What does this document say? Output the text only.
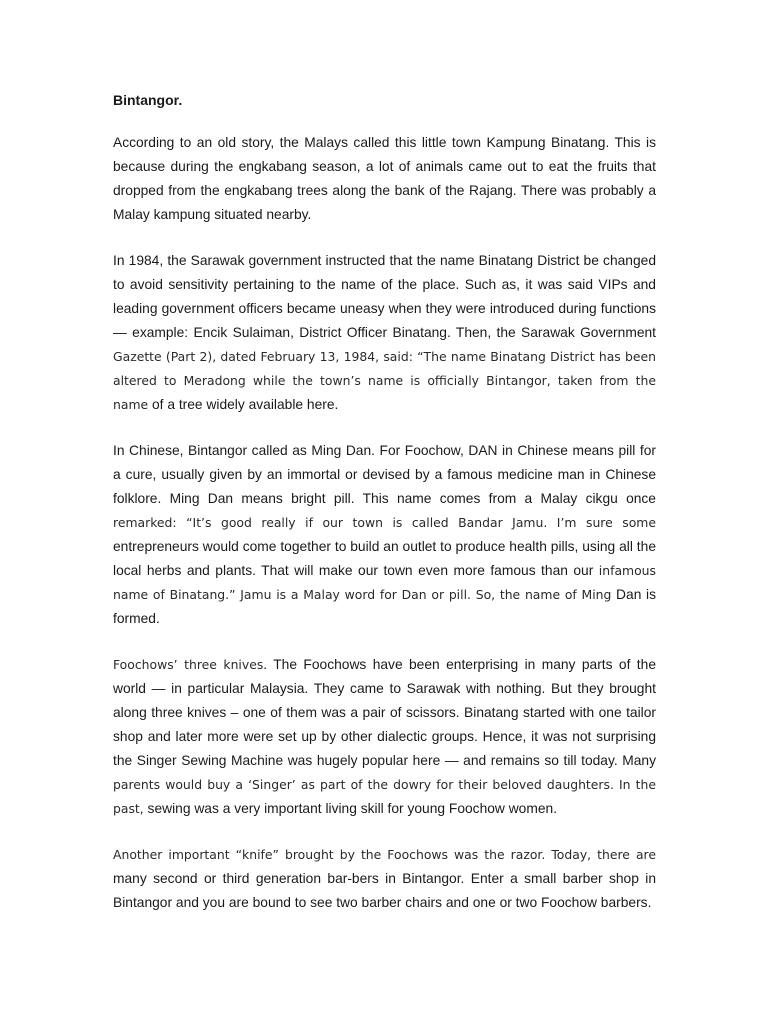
Bintangor.

According to an old story, the Malays called this little town Kampung Binatang. This is because during the engkabang season, a lot of animals came out to eat the fruits that dropped from the engkabang trees along the bank of the Rajang. There was probably a Malay kampung situated nearby.

In 1984, the Sarawak government instructed that the name Binatang District be changed to avoid sensitivity pertaining to the name of the place. Such as, it was said VIPs and leading government officers became uneasy when they were introduced during functions — example: Encik Sulaiman, District Officer Binatang. Then, the Sarawak Government Gazette (Part 2), dated February 13, 1984, said: “The name Binatang District has been altered to Meradong while the town’s name is officially Bintangor, taken from the name of a tree widely available here.

In Chinese, Bintangor called as Ming Dan. For Foochow, DAN in Chinese means pill for a cure, usually given by an immortal or devised by a famous medicine man in Chinese folklore. Ming Dan means bright pill. This name comes from a Malay cikgu once remarked: “It’s good really if our town is called Bandar Jamu. I’m sure some entrepreneurs would come together to build an outlet to produce health pills, using all the local herbs and plants. That will make our town even more famous than our infamous name of Binatang.” Jamu is a Malay word for Dan or pill. So, the name of Ming Dan is formed.

Foochows’ three knives. The Foochows have been enterprising in many parts of the world — in particular Malaysia. They came to Sarawak with nothing. But they brought along three knives – one of them was a pair of scissors. Binatang started with one tailor shop and later more were set up by other dialectic groups. Hence, it was not surprising the Singer Sewing Machine was hugely popular here — and remains so till today. Many parents would buy a ‘Singer’ as part of the dowry for their beloved daughters. In the past, sewing was a very important living skill for young Foochow women.

Another important “knife” brought by the Foochows was the razor. Today, there are many second or third generation bar-bers in Bintangor. Enter a small barber shop in Bintangor and you are bound to see two barber chairs and one or two Foochow barbers.
